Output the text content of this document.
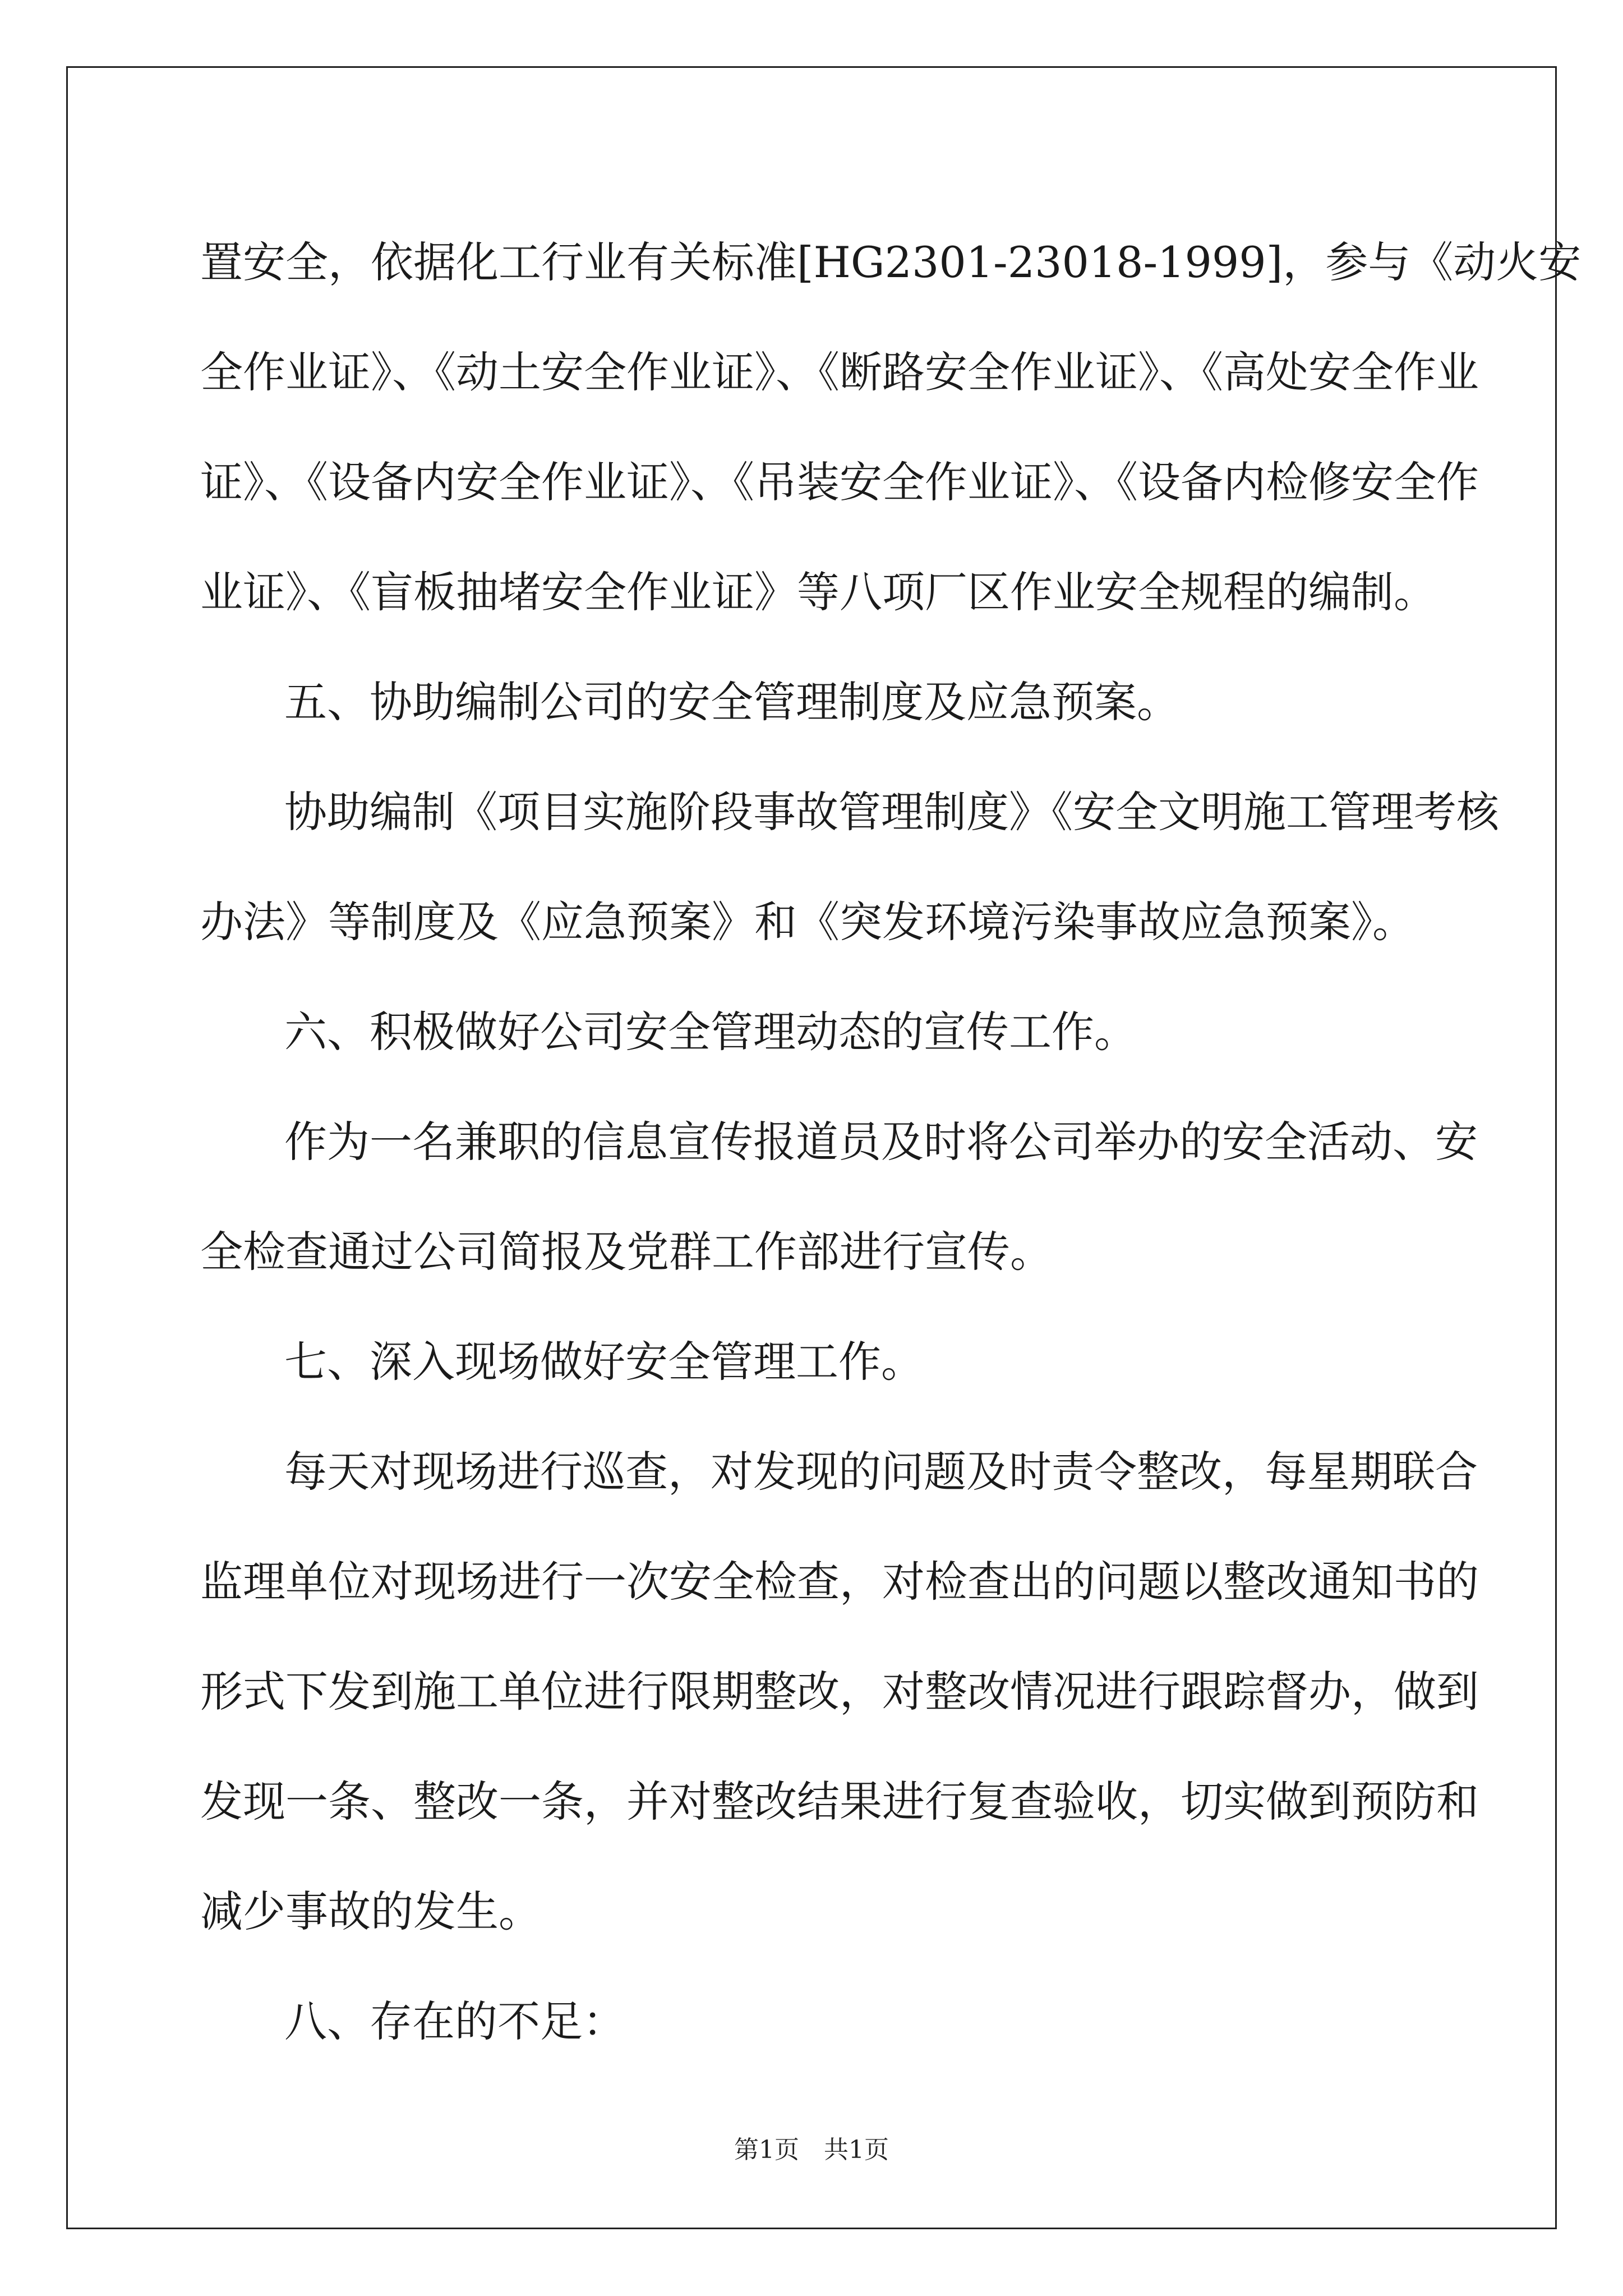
置安全，依据化工行业有关标准[HG2301-23018-1999]，参与《动火安
全作业证》、《动土安全作业证》、《断路安全作业证》、《高处安全作业
证》、《设备内安全作业证》、《吊装安全作业证》、《设备内检修安全作
业证》、《盲板抽堵安全作业证》等八项厂区作业安全规程的编制。
五、协助编制公司的安全管理制度及应急预案。
协助编制《项目实施阶段事故管理制度》《安全文明施工管理考核
办法》等制度及《应急预案》和《突发环境污染事故应急预案》。
六、积极做好公司安全管理动态的宣传工作。
作为一名兼职的信息宣传报道员及时将公司举办的安全活动、安
全检查通过公司简报及党群工作部进行宣传。
七、深入现场做好安全管理工作。
每天对现场进行巡查，对发现的问题及时责令整改，每星期联合
监理单位对现场进行一次安全检查，对检查出的问题以整改通知书的
形式下发到施工单位进行限期整改，对整改情况进行跟踪督办，做到
发现一条、整改一条，并对整改结果进行复查验收，切实做到预防和
减少事故的发生。
八、存在的不足：
第1页　共1页
